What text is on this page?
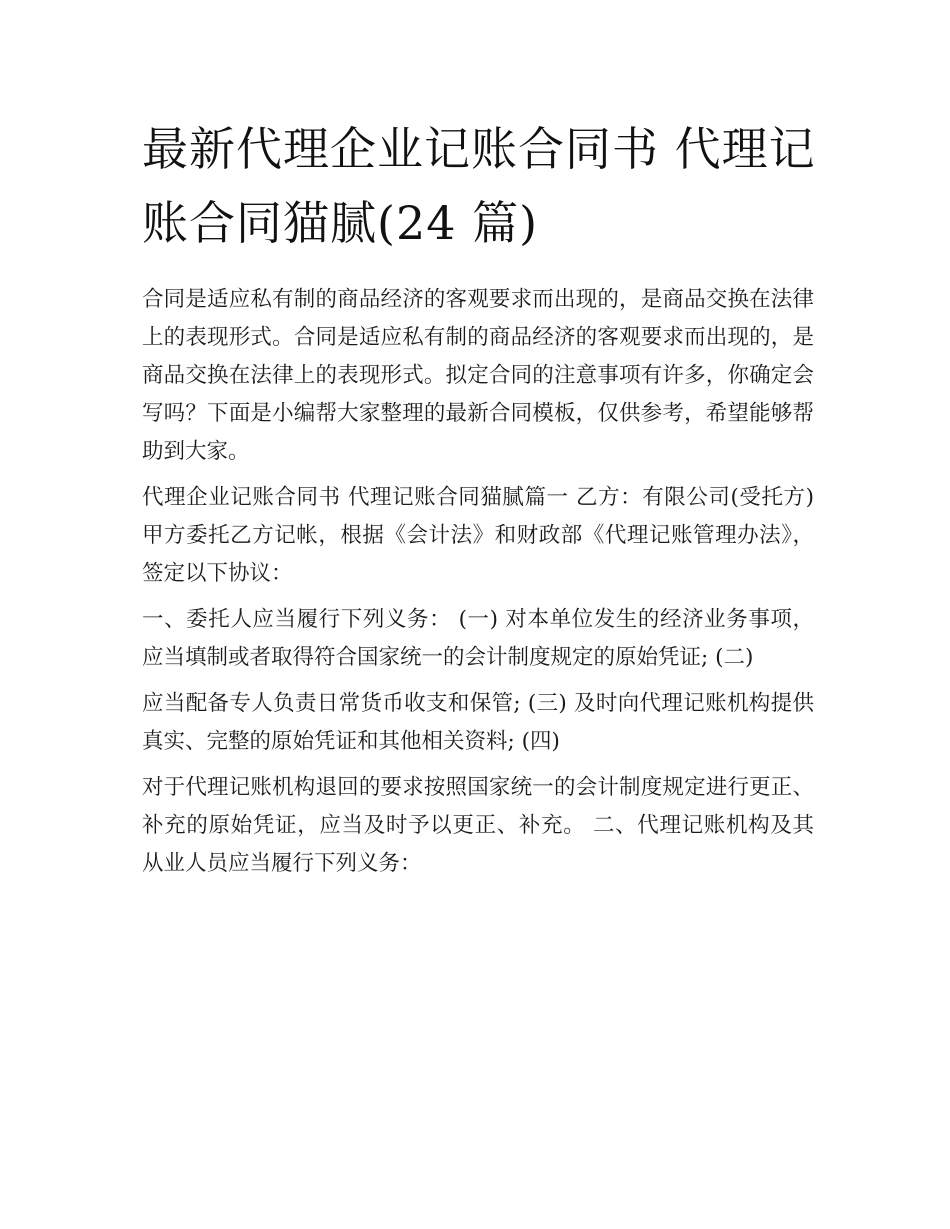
最新代理企业记账合同书 代理记账合同猫腻(24 篇)

合同是适应私有制的商品经济的客观要求而出现的，是商品交换在法律上的表现形式。合同是适应私有制的商品经济的客观要求而出现的，是商品交换在法律上的表现形式。拟定合同的注意事项有许多，你确定会写吗？下面是小编帮大家整理的最新合同模板，仅供参考，希望能够帮助到大家。

代理企业记账合同书 代理记账合同猫腻篇一 乙方：有限公司(受托方) 甲方委托乙方记帐，根据《会计法》和财政部《代理记账管理办法》，签定以下协议：

一、委托人应当履行下列义务： (一) 对本单位发生的经济业务事项，应当填制或者取得符合国家统一的会计制度规定的原始凭证; (二)

应当配备专人负责日常货币收支和保管; (三) 及时向代理记账机构提供真实、完整的原始凭证和其他相关资料; (四)

对于代理记账机构退回的要求按照国家统一的会计制度规定进行更正、补充的原始凭证，应当及时予以更正、补充。 二、代理记账机构及其从业人员应当履行下列义务：
